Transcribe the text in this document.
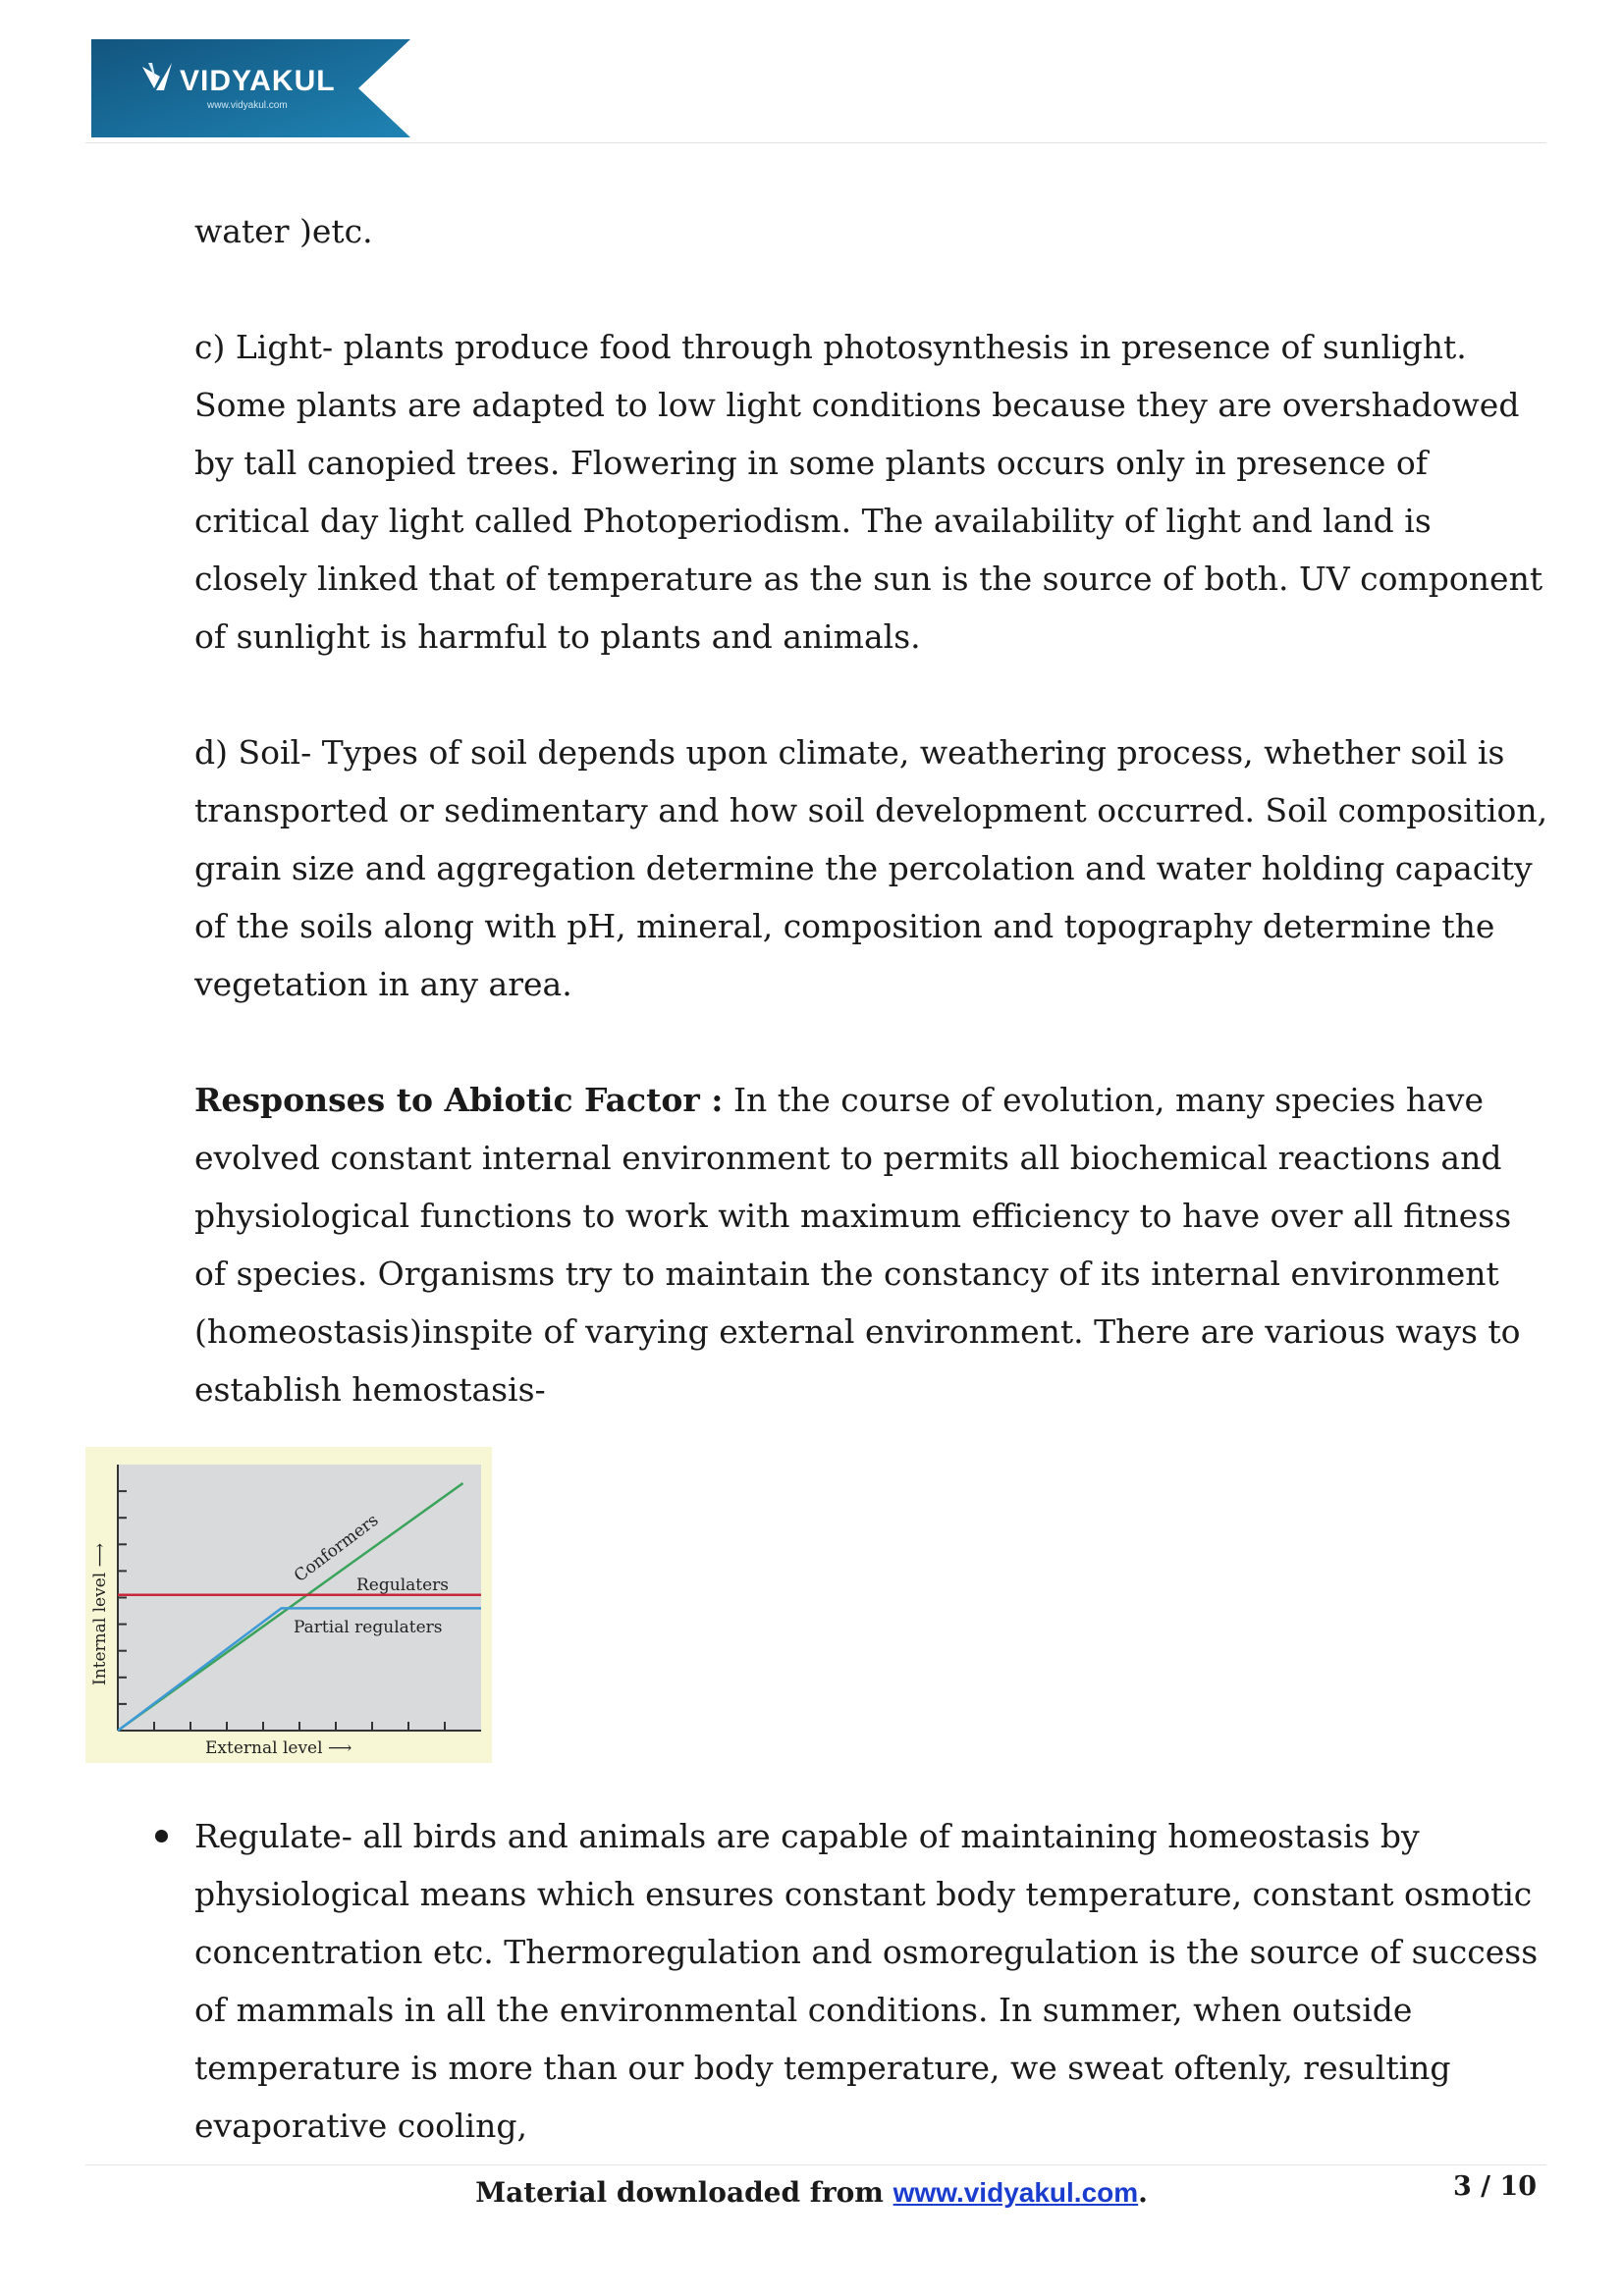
VIDYAKUL
www.vidyakul.com

water )etc.

c) Light- plants produce food through photosynthesis in presence of sunlight. Some plants are adapted to low light conditions because they are overshadowed by tall canopied trees. Flowering in some plants occurs only in presence of critical day light called Photoperiodism. The availability of light and land is closely linked that of temperature as the sun is the source of both. UV component of sunlight is harmful to plants and animals.

d) Soil- Types of soil depends upon climate, weathering process, whether soil is transported or sedimentary and how soil development occurred. Soil composition, grain size and aggregation determine the percolation and water holding capacity of the soils along with pH, mineral, composition and topography determine the vegetation in any area.

Responses to Abiotic Factor : In the course of evolution, many species have evolved constant internal environment to permits all biochemical reactions and physiological functions to work with maximum efficiency to have over all fitness of species. Organisms try to maintain the constancy of its internal environment (homeostasis)inspite of varying external environment. There are various ways to establish hemostasis-

Conformers
Regulaters
Partial regulaters
External level ⟶
Internal level ⟶
Regulate- all birds and animals are capable of maintaining homeostasis by physiological means which ensures constant body temperature, constant osmotic concentration etc. Thermoregulation and osmoregulation is the source of success of mammals in all the environmental conditions. In summer, when outside temperature is more than our body temperature, we sweat oftenly, resulting evaporative cooling,
Material downloaded from www.vidyakul.com.	3 / 10
